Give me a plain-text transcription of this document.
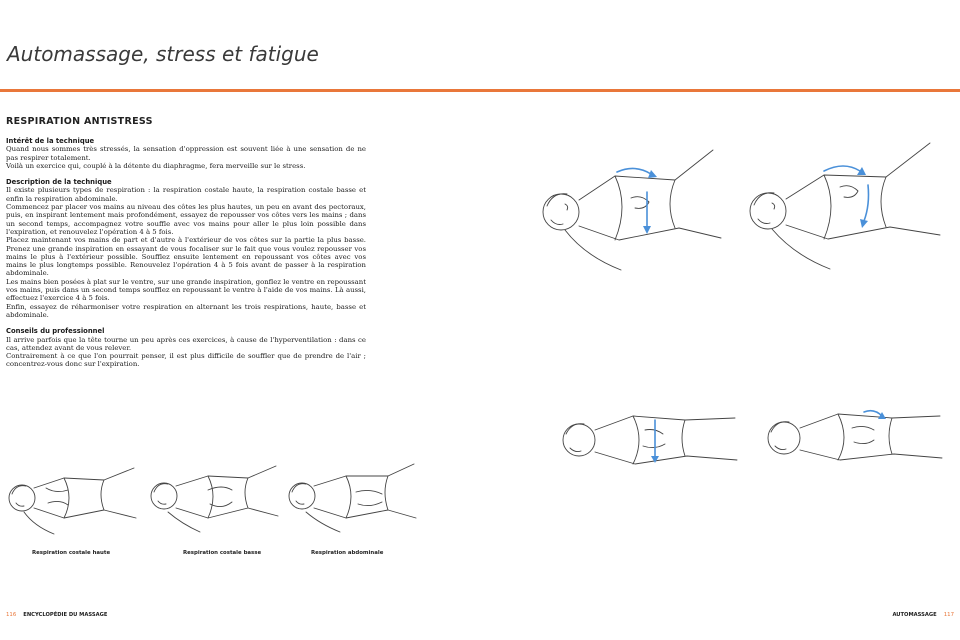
Automassage, stress et fatigue
RESPIRATION ANTISTRESS
Intérêt de la technique

Quand nous sommes très stressés, la sensation d'oppression est souvent liée à une sensation de ne pas respirer totalement.

Voilà un exercice qui, couplé à la détente du diaphragme, fera merveille sur le stress.

Description de la technique

Il existe plusieurs types de respiration : la respiration costale haute, la respiration costale basse et enfin la respiration abdominale.

Commencez par placer vos mains au niveau des côtes les plus hautes, un peu en avant des pectoraux, puis, en inspirant lentement mais profondément, essayez de repousser vos côtes vers les mains ; dans un second temps, accompagnez votre souffle avec vos mains pour aller le plus loin possible dans l'expiration, et renouvelez l'opération 4 à 5 fois.

Placez maintenant vos mains de part et d'autre à l'extérieur de vos côtes sur la partie la plus basse. Prenez une grande inspiration en essayant de vous focaliser sur le fait que vous voulez repousser vos mains le plus à l'extérieur possible. Soufflez ensuite lentement en repoussant vos côtes avec vos mains le plus longtemps possible. Renouvelez l'opération 4 à 5 fois avant de passer à la respiration abdominale.

Les mains bien posées à plat sur le ventre, sur une grande inspiration, gonflez le ventre en repoussant vos mains, puis dans un second temps soufflez en repoussant le ventre à l'aide de vos mains. Là aussi, effectuez l'exercice 4 à 5 fois.

Enfin, essayez de réharmoniser votre respiration en alternant les trois respirations, haute, basse et abdominale.

Conseils du professionnel

Il arrive parfois que la tête tourne un peu après ces exercices, à cause de l'hyperventilation : dans ce cas, attendez avant de vous relever.

Contrairement à ce que l'on pourrait penser, il est plus difficile de souffler que de prendre de l'air ; concentrez-vous donc sur l'expiration.

Respiration costale haute	Respiration costale basse	Respiration abdominale
116 ENCYCLOPÉDIE DU MASSAGE	AUTOMASSAGE 117
